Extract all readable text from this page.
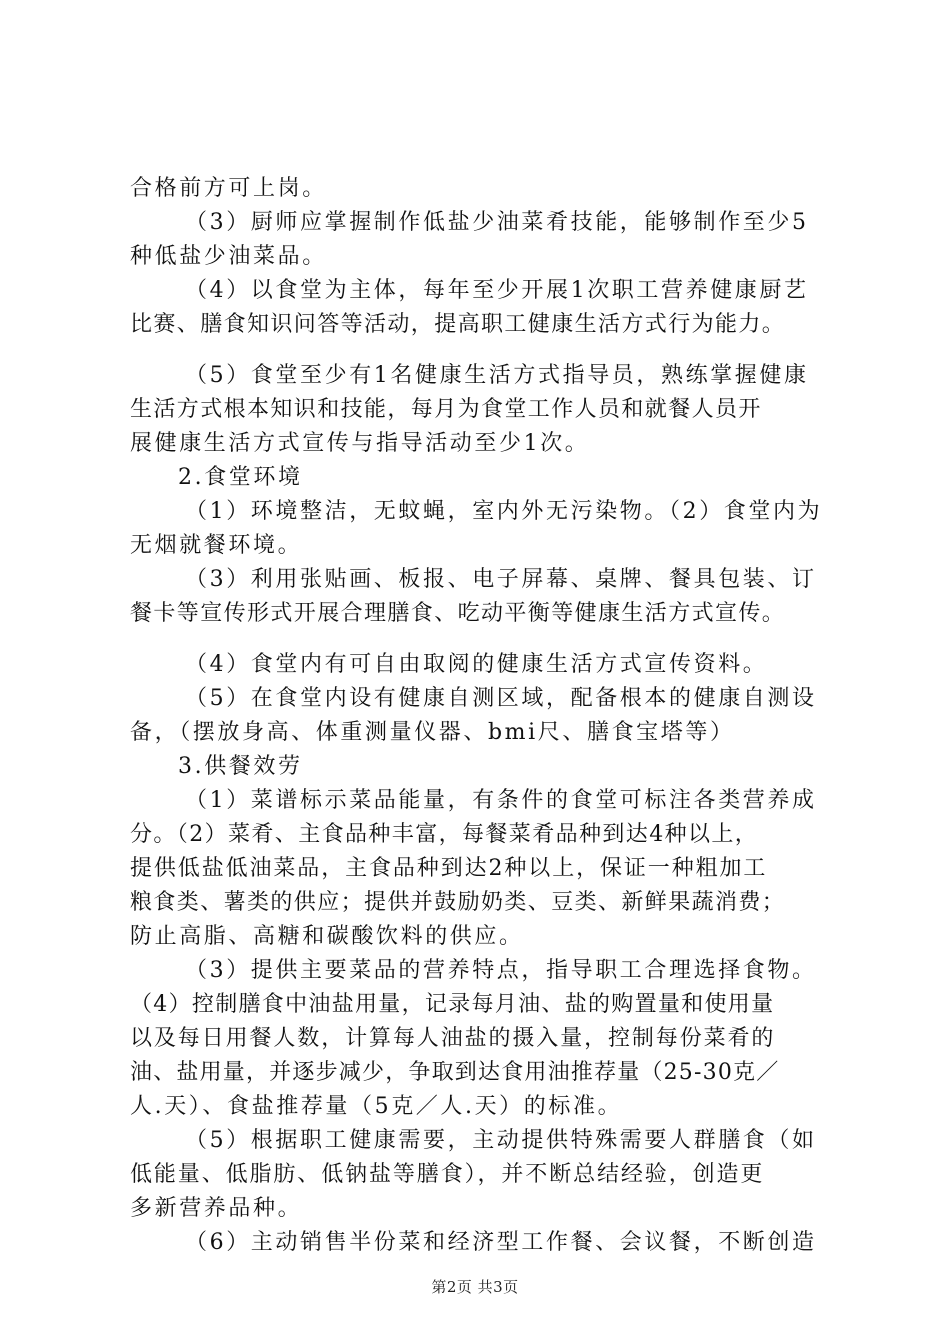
合格前方可上岗。
（3）厨师应掌握制作低盐少油菜肴技能，能够制作至少5
种低盐少油菜品。
（4）以食堂为主体，每年至少开展1次职工营养健康厨艺
比赛、膳食知识问答等活动，提高职工健康生活方式行为能力。
（5）食堂至少有1名健康生活方式指导员，熟练掌握健康
生活方式根本知识和技能，每月为食堂工作人员和就餐人员开
展健康生活方式宣传与指导活动至少1次。
2.食堂环境
（1）环境整洁，无蚊蝇，室内外无污染物。（2）食堂内为
无烟就餐环境。
（3）利用张贴画、板报、电子屏幕、桌牌、餐具包装、订
餐卡等宣传形式开展合理膳食、吃动平衡等健康生活方式宣传。
（4）食堂内有可自由取阅的健康生活方式宣传资料。
（5）在食堂内设有健康自测区域，配备根本的健康自测设
备，（摆放身高、体重测量仪器、bmi尺、膳食宝塔等）
3.供餐效劳
（1）菜谱标示菜品能量，有条件的食堂可标注各类营养成
分。（2）菜肴、主食品种丰富，每餐菜肴品种到达4种以上，
提供低盐低油菜品，主食品种到达2种以上，保证一种粗加工
粮食类、薯类的供应；提供并鼓励奶类、豆类、新鲜果蔬消费；
防止高脂、高糖和碳酸饮料的供应。
（3）提供主要菜品的营养特点，指导职工合理选择食物。
（4）控制膳食中油盐用量，记录每月油、盐的购置量和使用量
以及每日用餐人数，计算每人油盐的摄入量，控制每份菜肴的
油、盐用量，并逐步减少，争取到达食用油推荐量（25-30克／
人.天）、食盐推荐量（5克／人.天）的标准。
（5）根据职工健康需要，主动提供特殊需要人群膳食（如
低能量、低脂肪、低钠盐等膳食），并不断总结经验，创造更
多新营养品种。
（6）主动销售半份菜和经济型工作餐、会议餐，不断创造
第2页 共3页
